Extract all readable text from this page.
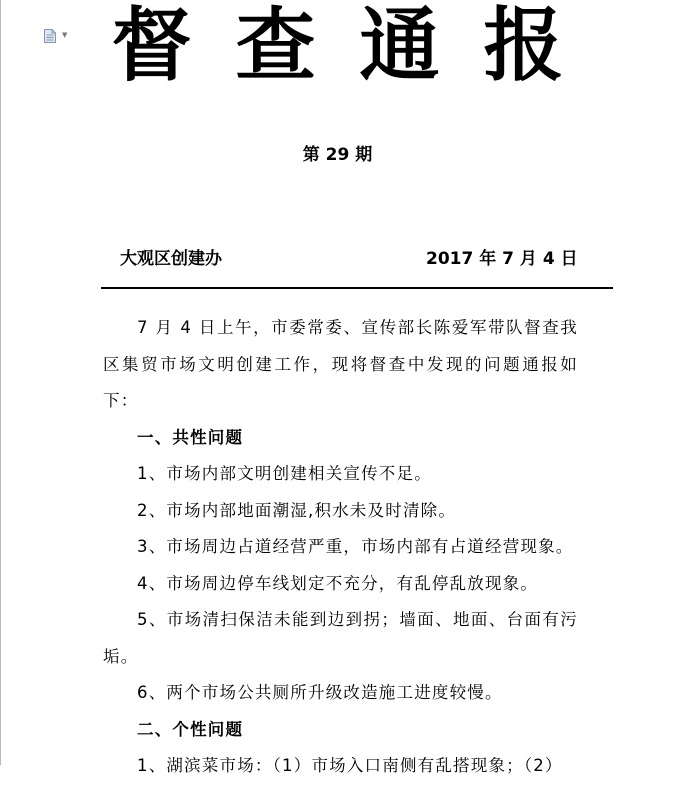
▼ 督查通报
第 29 期
大观区创建办	2017 年 7 月 4 日

7 月 4 日上午，市委常委、宣传部长陈爱军带队督查我区集贸市场文明创建工作，现将督查中发现的问题通报如下：

一、共性问题

1、市场内部文明创建相关宣传不足。

2、市场内部地面潮湿,积水未及时清除。

3、市场周边占道经营严重，市场内部有占道经营现象。

4、市场周边停车线划定不充分，有乱停乱放现象。

5、市场清扫保洁未能到边到拐；墙面、地面、台面有污垢。

6、两个市场公共厕所升级改造施工进度较慢。

二、个性问题

1、湖滨菜市场：（1）市场入口南侧有乱搭现象；（2）
